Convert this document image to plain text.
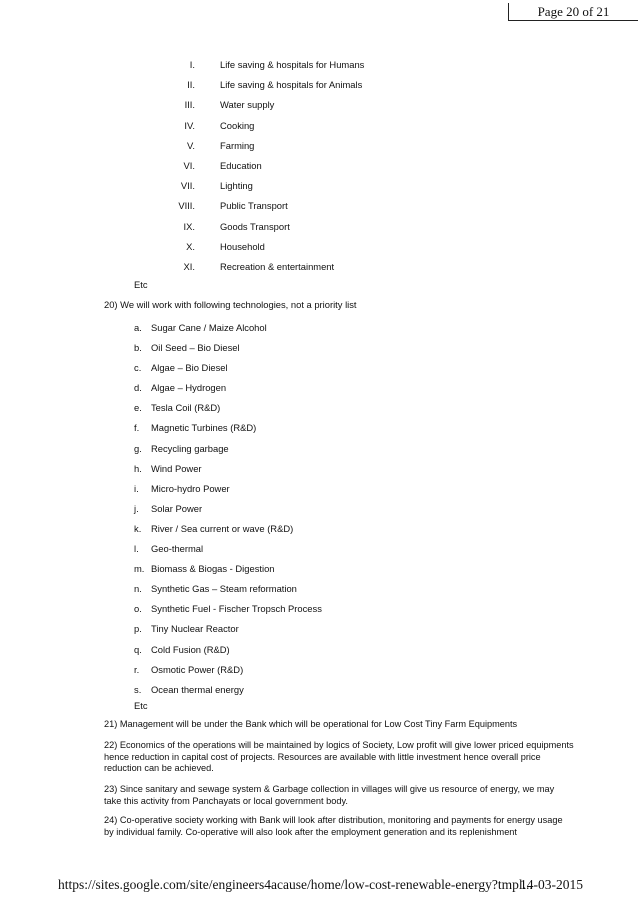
Page 20 of 21
I.	Life saving & hospitals for Humans
II.	Life saving & hospitals for Animals
III.	Water supply
IV.	Cooking
V.	Farming
VI.	Education
VII.	Lighting
VIII.	Public Transport
IX.	Goods Transport
X.	Household
XI.	Recreation & entertainment
Etc
20) We will work with following technologies, not a priority list
a. Sugar Cane / Maize Alcohol
b. Oil Seed – Bio Diesel
c. Algae – Bio Diesel
d. Algae – Hydrogen
e. Tesla Coil (R&D)
f. Magnetic Turbines (R&D)
g. Recycling garbage
h. Wind Power
i. Micro-hydro Power
j. Solar Power
k. River / Sea current or wave (R&D)
l. Geo-thermal
m. Biomass & Biogas - Digestion
n. Synthetic Gas – Steam reformation
o. Synthetic Fuel - Fischer Tropsch Process
p. Tiny Nuclear Reactor
q. Cold Fusion (R&D)
r. Osmotic Power (R&D)
s. Ocean thermal energy
Etc
21) Management will be under the Bank which will be operational for Low Cost Tiny Farm Equipments
22) Economics of the operations will be maintained by logics of Society, Low profit will give lower priced equipments hence reduction in capital cost of projects. Resources are available with little investment hence overall price reduction can be achieved.
23) Since sanitary and sewage system & Garbage collection in villages will give us resource of energy, we may take this activity from Panchayats or local government body.
24) Co-operative society working with Bank will look after distribution, monitoring and payments for energy usage by individual family. Co-operative will also look after the employment generation and its replenishment
https://sites.google.com/site/engineers4acause/home/low-cost-renewable-energy?tmpl...
14-03-2015
